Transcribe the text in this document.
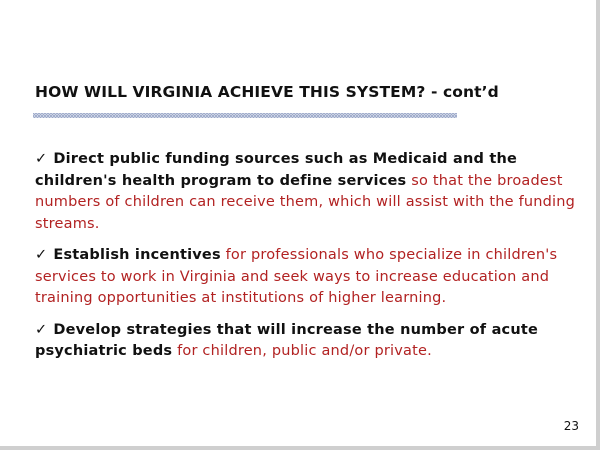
HOW WILL VIRGINIA ACHIEVE THIS SYSTEM? - cont’d
✓ Direct public funding sources such as Medicaid and the children's health program to define services so that the broadest numbers of children can receive them, which will assist with the funding streams.
✓ Establish incentives for professionals who specialize in children's services to work in Virginia and seek ways to increase education and training opportunities at institutions of higher learning.
✓ Develop strategies that will increase the number of acute psychiatric beds for children, public and/or private.
23
